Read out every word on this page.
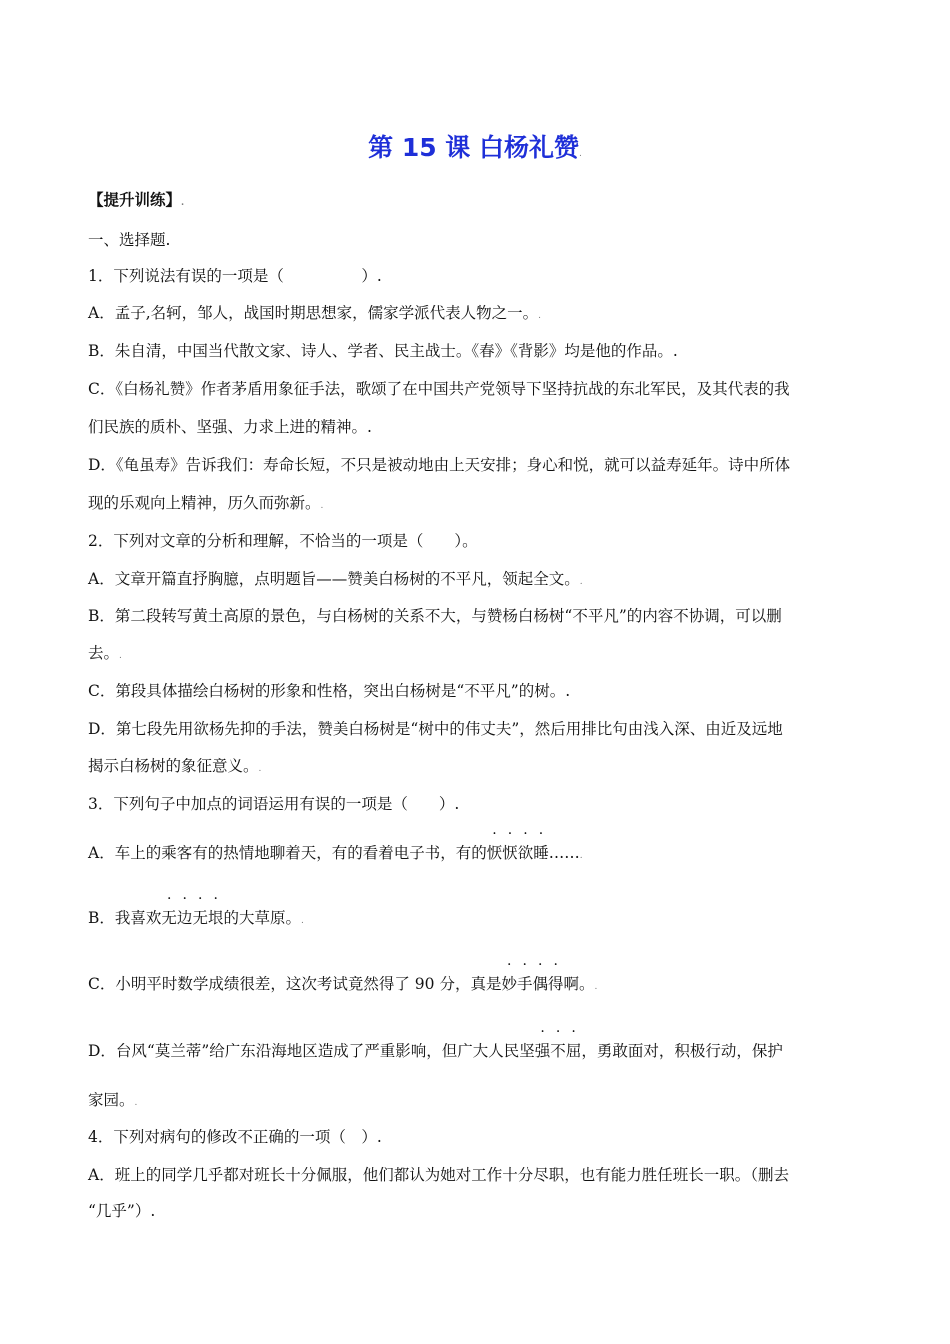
第 15 课 白杨礼赞.
【提升训练】.
一、选择题.
1．下列说法有误的一项是（　　　　　）.
A．孟子,名轲，邹人，战国时期思想家，儒家学派代表人物之一。.
B．朱自清，中国当代散文家、诗人、学者、民主战士。《春》《背影》均是他的作品。.
C．《白杨礼赞》作者茅盾用象征手法，歌颂了在中国共产党领导下坚持抗战的东北军民，及其代表的我
们民族的质朴、坚强、力求上进的精神。.
D．《龟虽寿》告诉我们：寿命长短，不只是被动地由上天安排；身心和悦，就可以益寿延年。诗中所体
现的乐观向上精神，历久而弥新。.
2．下列对文章的分析和理解，不恰当的一项是（　　）。
A．文章开篇直抒胸臆，点明题旨——赞美白杨树的不平凡，领起全文。.
B．第二段转写黄土高原的景色，与白杨树的关系不大，与赞杨白杨树“不平凡”的内容不协调，可以删
去。.
C．第段具体描绘白杨树的形象和性格，突出白杨树是“不平凡”的树。.
D．第七段先用欲杨先抑的手法，赞美白杨树是“树中的伟丈夫”，然后用排比句由浅入深、由近及远地
揭示白杨树的象征意义。.
3．下列句子中加点的词语运用有误的一项是（　　）.
A．车上的乘客有的热情地聊着天，有的看着电子书，有的恹恹欲睡…….
B．我喜欢无边无垠的大草原。.
C．小明平时数学成绩很差，这次考试竟然得了 90 分，真是妙手偶得啊。.
D．台风“莫兰蒂”给广东沿海地区造成了严重影响，但广大人民坚强不屈，勇敢面对，积极行动，保护
家园。.
4．下列对病句的修改不正确的一项（　）.
A．班上的同学几乎都对班长十分佩服，他们都认为她对工作十分尽职，也有能力胜任班长一职。（删去
“几乎”）.
